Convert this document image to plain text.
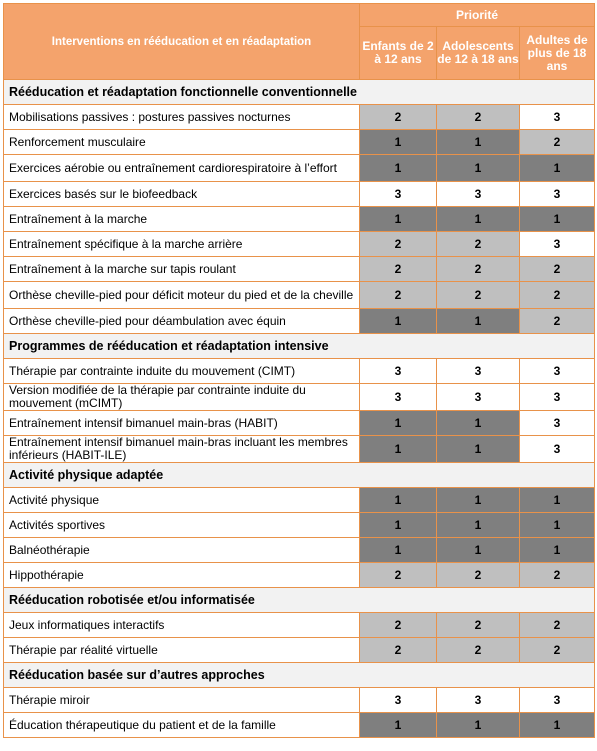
Interventions en rééducation et en réadaptation	Priorité		
	Enfants de 2 à 12 ans	Adolescents de 12 à 18 ans	Adultes de plus de 18 ans
Rééducation et réadaptation fonctionnelle conventionnelle			
Mobilisations passives : postures passives nocturnes	2	2	3
Renforcement musculaire	1	1	2
Exercices aérobie ou entraînement cardiorespiratoire à l’effort	1	1	1
Exercices basés sur le biofeedback	3	3	3
Entraînement à la marche	1	1	1
Entraînement spécifique à la marche arrière	2	2	3
Entraînement à la marche sur tapis roulant	2	2	2
Orthèse cheville-pied pour déficit moteur du pied et de la cheville	2	2	2
Orthèse cheville-pied pour déambulation avec équin	1	1	2
Programmes de rééducation et réadaptation intensive			
Thérapie par contrainte induite du mouvement (CIMT)	3	3	3
Version modifiée de la thérapie par contrainte induite du mouvement (mCIMT)	3	3	3
Entraînement intensif bimanuel main-bras (HABIT)	1	1	3
Entraînement intensif bimanuel main-bras incluant les membres inférieurs (HABIT-ILE)	1	1	3
Activité physique adaptée			
Activité physique	1	1	1
Activités sportives	1	1	1
Balnéothérapie	1	1	1
Hippothérapie	2	2	2
Rééducation robotisée et/ou informatisée			
Jeux informatiques interactifs	2	2	2
Thérapie par réalité virtuelle	2	2	2
Rééducation basée sur d’autres approches			
Thérapie miroir	3	3	3
Éducation thérapeutique du patient et de la famille	1	1	1
